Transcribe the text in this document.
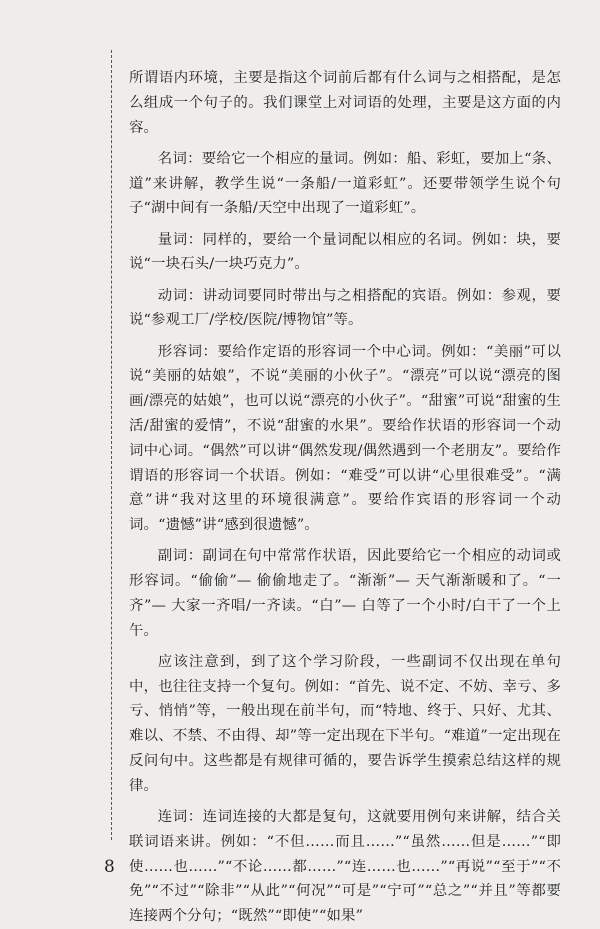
所谓语内环境，主要是指这个词前后都有什么词与之相搭配，是怎么组成一个句子的。我们课堂上对词语的处理，主要是这方面的内容。

名词：要给它一个相应的量词。例如：船、彩虹，要加上“条、道”来讲解，教学生说“一条船/一道彩虹”。还要带领学生说个句子“湖中间有一条船/天空中出现了一道彩虹”。

量词：同样的，要给一个量词配以相应的名词。例如：块，要说“一块石头/一块巧克力”。

动词：讲动词要同时带出与之相搭配的宾语。例如：参观，要说“参观工厂/学校/医院/博物馆”等。

形容词：要给作定语的形容词一个中心词。例如：“美丽”可以说“美丽的姑娘”，不说“美丽的小伙子”。“漂亮”可以说“漂亮的图画/漂亮的姑娘”，也可以说“漂亮的小伙子”。“甜蜜”可说“甜蜜的生活/甜蜜的爱情”，不说“甜蜜的水果”。要给作状语的形容词一个动词中心词。“偶然”可以讲“偶然发现/偶然遇到一个老朋友”。要给作谓语的形容词一个状语。例如：“难受”可以讲“心里很难受”。“满意”讲“我对这里的环境很满意”。要给作宾语的形容词一个动词。“遗憾”讲“感到很遗憾”。

副词：副词在句中常常作状语，因此要给它一个相应的动词或形容词。“偷偷”— 偷偷地走了。“渐渐”— 天气渐渐暖和了。“一齐”— 大家一齐唱/一齐读。“白”— 白等了一个小时/白干了一个上午。

应该注意到，到了这个学习阶段，一些副词不仅出现在单句中，也往往支持一个复句。例如：“首先、说不定、不妨、幸亏、多亏、悄悄”等，一般出现在前半句，而“特地、终于、只好、尤其、难以、不禁、不由得、却”等一定出现在下半句。“难道”一定出现在反问句中。这些都是有规律可循的，要告诉学生摸索总结这样的规律。

连词：连词连接的大都是复句，这就要用例句来讲解，结合关联词语来讲。例如：“不但……而且……”“虽然……但是……”“即使……也……”“不论……都……”“连……也……”“再说”“至于”“不免”“不过”“除非”“从此”“何况”“可是”“宁可”“总之”“并且”等都要连接两个分句；“既然”“即使”“如果”

8
